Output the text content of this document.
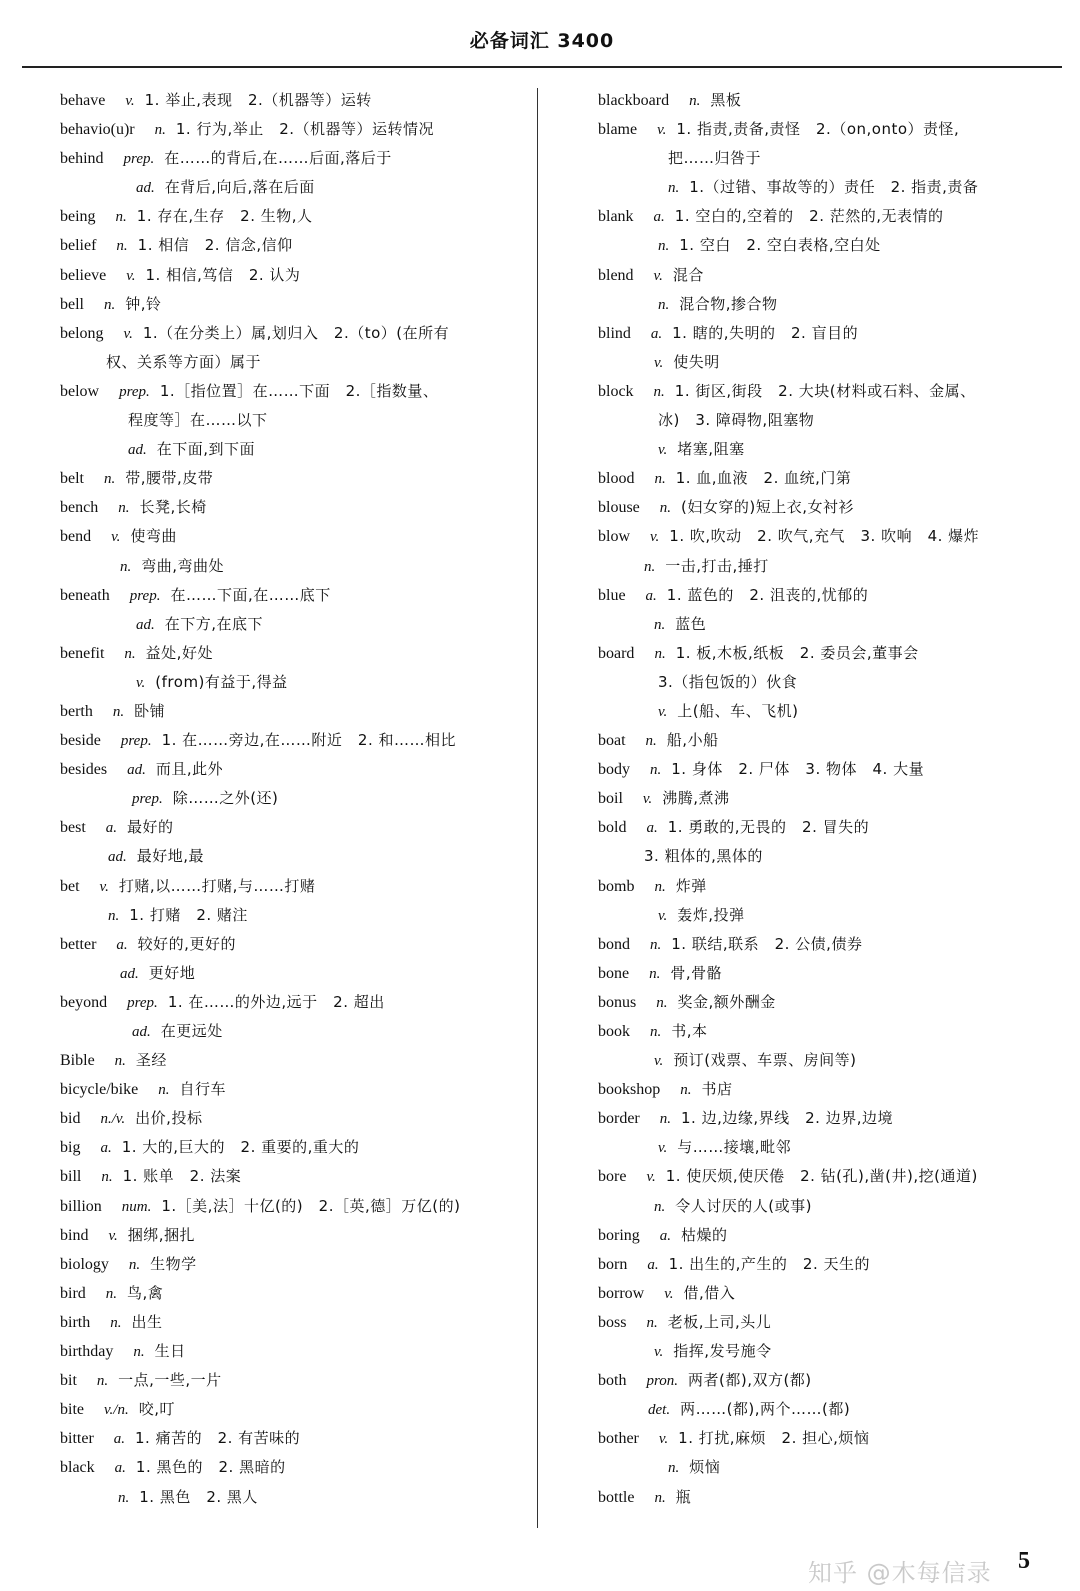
必备词汇 3400
behave v. 1. 举止,表现　2.（机器等）运转
behavio(u)r n. 1. 行为,举止　2.（机器等）运转情况
behind prep. 在……的背后,在……后面,落后于
ad. 在背后,向后,落在后面
being n. 1. 存在,生存　2. 生物,人
belief n. 1. 相信　2. 信念,信仰
believe v. 1. 相信,笃信　2. 认为
bell n. 钟,铃
belong v. 1.（在分类上）属,划归入　2.（to）(在所有
权、关系等方面）属于
below prep. 1.［指位置］在……下面　2.［指数量、
程度等］在……以下
ad. 在下面,到下面
belt n. 带,腰带,皮带
bench n. 长凳,长椅
bend v. 使弯曲
n. 弯曲,弯曲处
beneath prep. 在……下面,在……底下
ad. 在下方,在底下
benefit n. 益处,好处
v. (from)有益于,得益
berth n. 卧铺
beside prep. 1. 在……旁边,在……附近　2. 和……相比
besides ad. 而且,此外
prep. 除……之外(还)
best a. 最好的
ad. 最好地,最
bet v. 打赌,以……打赌,与……打赌
n. 1. 打赌　2. 赌注
better a. 较好的,更好的
ad. 更好地
beyond prep. 1. 在……的外边,远于　2. 超出
ad. 在更远处
Bible n. 圣经
bicycle/bike n. 自行车
bid n./v. 出价,投标
big a. 1. 大的,巨大的　2. 重要的,重大的
bill n. 1. 账单　2. 法案
billion num. 1.［美,法］十亿(的)　2.［英,德］万亿(的)
bind v. 捆绑,捆扎
biology n. 生物学
bird n. 鸟,禽
birth n. 出生
birthday n. 生日
bit n. 一点,一些,一片
bite v./n. 咬,叮
bitter a. 1. 痛苦的　2. 有苦味的
black a. 1. 黑色的　2. 黑暗的
n. 1. 黑色　2. 黑人
blackboard n. 黑板
blame v. 1. 指责,责备,责怪　2.（on,onto）责怪,
把……归咎于
n. 1.（过错、事故等的）责任　2. 指责,责备
blank a. 1. 空白的,空着的　2. 茫然的,无表情的
n. 1. 空白　2. 空白表格,空白处
blend v. 混合
n. 混合物,掺合物
blind a. 1. 瞎的,失明的　2. 盲目的
v. 使失明
block n. 1. 街区,街段　2. 大块(材料或石料、金属、
冰)　3. 障碍物,阻塞物
v. 堵塞,阻塞
blood n. 1. 血,血液　2. 血统,门第
blouse n. (妇女穿的)短上衣,女衬衫
blow v. 1. 吹,吹动　2. 吹气,充气　3. 吹响　4. 爆炸
n. 一击,打击,捶打
blue a. 1. 蓝色的　2. 沮丧的,忧郁的
n. 蓝色
board n. 1. 板,木板,纸板　2. 委员会,董事会
3.（指包饭的）伙食
v. 上(船、车、飞机)
boat n. 船,小船
body n. 1. 身体　2. 尸体　3. 物体　4. 大量
boil v. 沸腾,煮沸
bold a. 1. 勇敢的,无畏的　2. 冒失的
3. 粗体的,黑体的
bomb n. 炸弹
v. 轰炸,投弹
bond n. 1. 联结,联系　2. 公债,债券
bone n. 骨,骨骼
bonus n. 奖金,额外酬金
book n. 书,本
v. 预订(戏票、车票、房间等)
bookshop n. 书店
border n. 1. 边,边缘,界线　2. 边界,边境
v. 与……接壤,毗邻
bore v. 1. 使厌烦,使厌倦　2. 钻(孔),凿(井),挖(通道)
n. 令人讨厌的人(或事)
boring a. 枯燥的
born a. 1. 出生的,产生的　2. 天生的
borrow v. 借,借入
boss n. 老板,上司,头儿
v. 指挥,发号施令
both pron. 两者(都),双方(都)
det. 两……(都),两个……(都)
bother v. 1. 打扰,麻烦　2. 担心,烦恼
n. 烦恼
bottle n. 瓶
知乎 @木每信录 5
